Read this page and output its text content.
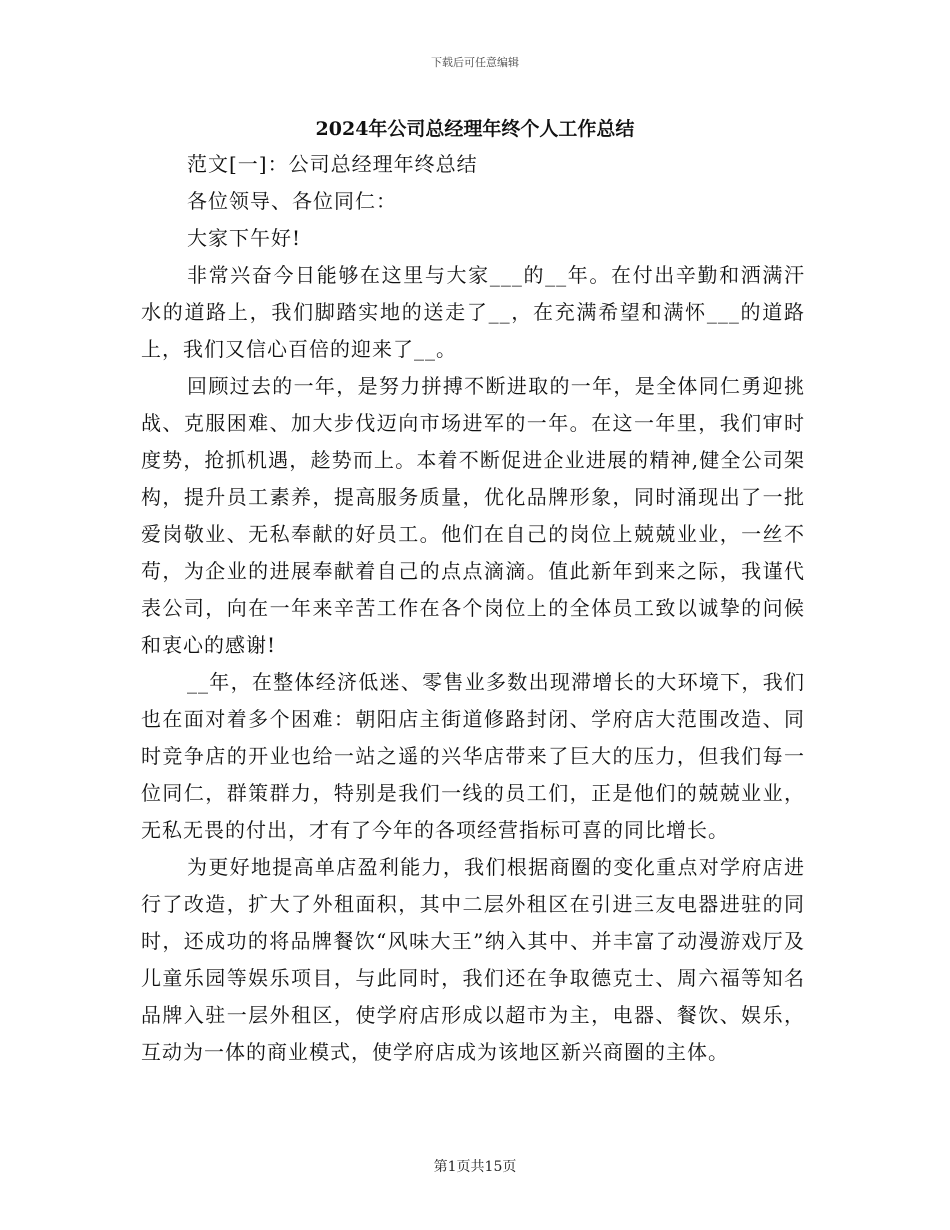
下载后可任意编辑
2024年公司总经理年终个人工作总结

范文[一]：公司总经理年终总结

各位领导、各位同仁：

大家下午好!

非常兴奋今日能够在这里与大家___的__年。在付出辛勤和洒满汗水的道路上，我们脚踏实地的送走了__，在充满希望和满怀___的道路上，我们又信心百倍的迎来了__。

回顾过去的一年，是努力拼搏不断进取的一年，是全体同仁勇迎挑战、克服困难、加大步伐迈向市场进军的一年。在这一年里，我们审时度势，抢抓机遇，趁势而上。本着不断促进企业进展的精神,健全公司架构，提升员工素养，提高服务质量，优化品牌形象，同时涌现出了一批爱岗敬业、无私奉献的好员工。他们在自己的岗位上兢兢业业，一丝不苟，为企业的进展奉献着自己的点点滴滴。值此新年到来之际，我谨代表公司，向在一年来辛苦工作在各个岗位上的全体员工致以诚挚的问候和衷心的感谢!

__年，在整体经济低迷、零售业多数出现滞增长的大环境下，我们也在面对着多个困难：朝阳店主街道修路封闭、学府店大范围改造、同时竞争店的开业也给一站之遥的兴华店带来了巨大的压力，但我们每一位同仁，群策群力，特别是我们一线的员工们，正是他们的兢兢业业，无私无畏的付出，才有了今年的各项经营指标可喜的同比增长。

为更好地提高单店盈利能力，我们根据商圈的变化重点对学府店进行了改造，扩大了外租面积，其中二层外租区在引进三友电器进驻的同时，还成功的将品牌餐饮“风味大王”纳入其中、并丰富了动漫游戏厅及儿童乐园等娱乐项目，与此同时，我们还在争取德克士、周六福等知名品牌入驻一层外租区，使学府店形成以超市为主，电器、餐饮、娱乐，互动为一体的商业模式，使学府店成为该地区新兴商圈的主体。

第1页共15页
